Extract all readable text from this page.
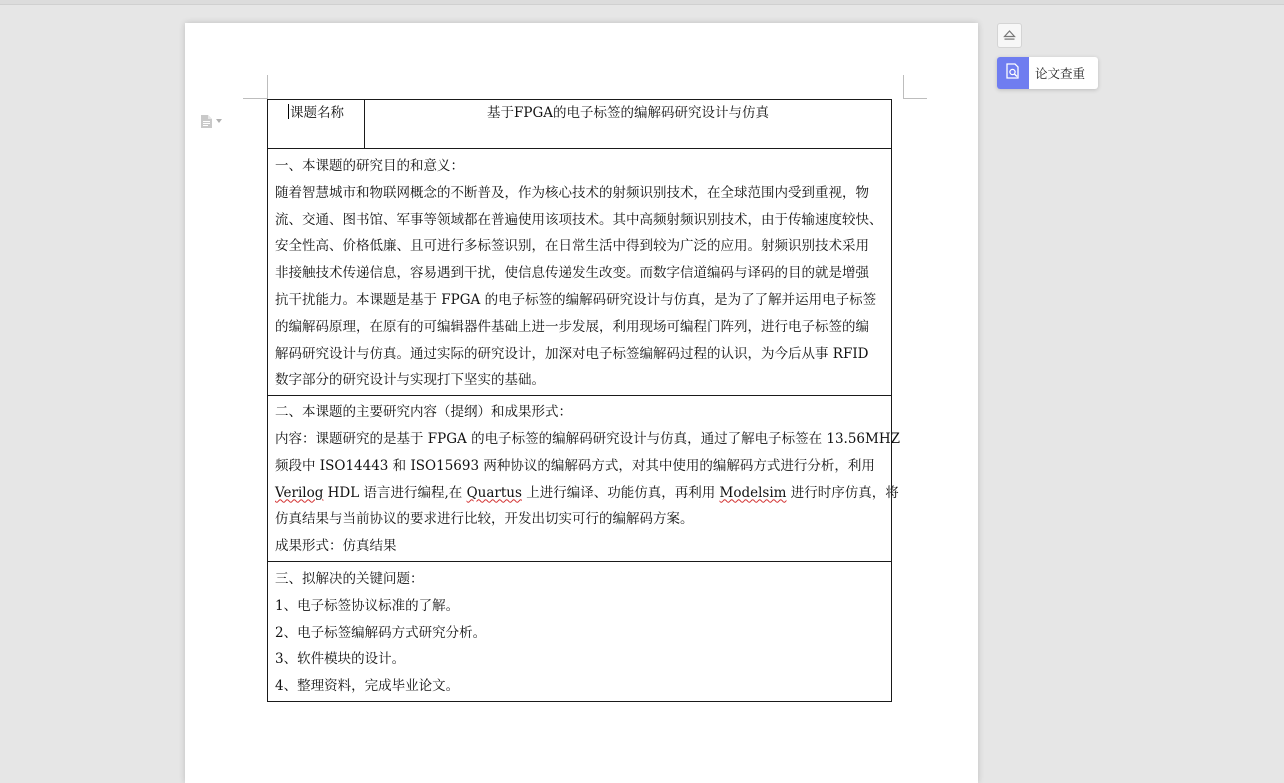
课题名称	基于FPGA的电子标签的编解码研究设计与仿真

一、本课题的研究目的和意义：
随着智慧城市和物联网概念的不断普及，作为核心技术的射频识别技术，在全球范围内受到重视，物
流、交通、图书馆、军事等领域都在普遍使用该项技术。其中高频射频识别技术，由于传输速度较快、
安全性高、价格低廉、且可进行多标签识别，在日常生活中得到较为广泛的应用。射频识别技术采用
非接触技术传递信息，容易遇到干扰，使信息传递发生改变。而数字信道编码与译码的目的就是增强
抗干扰能力。本课题是基于 FPGA 的电子标签的编解码研究设计与仿真，是为了了解并运用电子标签
的编解码原理，在原有的可编辑器件基础上进一步发展，利用现场可编程门阵列，进行电子标签的编
解码研究设计与仿真。通过实际的研究设计，加深对电子标签编解码过程的认识，为今后从事 RFID
数字部分的研究设计与实现打下坚实的基础。

二、本课题的主要研究内容（提纲）和成果形式：
内容：课题研究的是基于 FPGA 的电子标签的编解码研究设计与仿真，通过了解电子标签在 13.56MHZ
频段中 ISO14443 和 ISO15693 两种协议的编解码方式，对其中使用的编解码方式进行分析，利用
Verilog HDL 语言进行编程,在 Quartus 上进行编译、功能仿真，再利用 Modelsim 进行时序仿真，将
仿真结果与当前协议的要求进行比较，开发出切实可行的编解码方案。
成果形式：仿真结果

三、拟解决的关键问题：
1、电子标签协议标准的了解。
2、电子标签编解码方式研究分析。
3、软件模块的设计。
4、整理资料，完成毕业论文。
论文查重
